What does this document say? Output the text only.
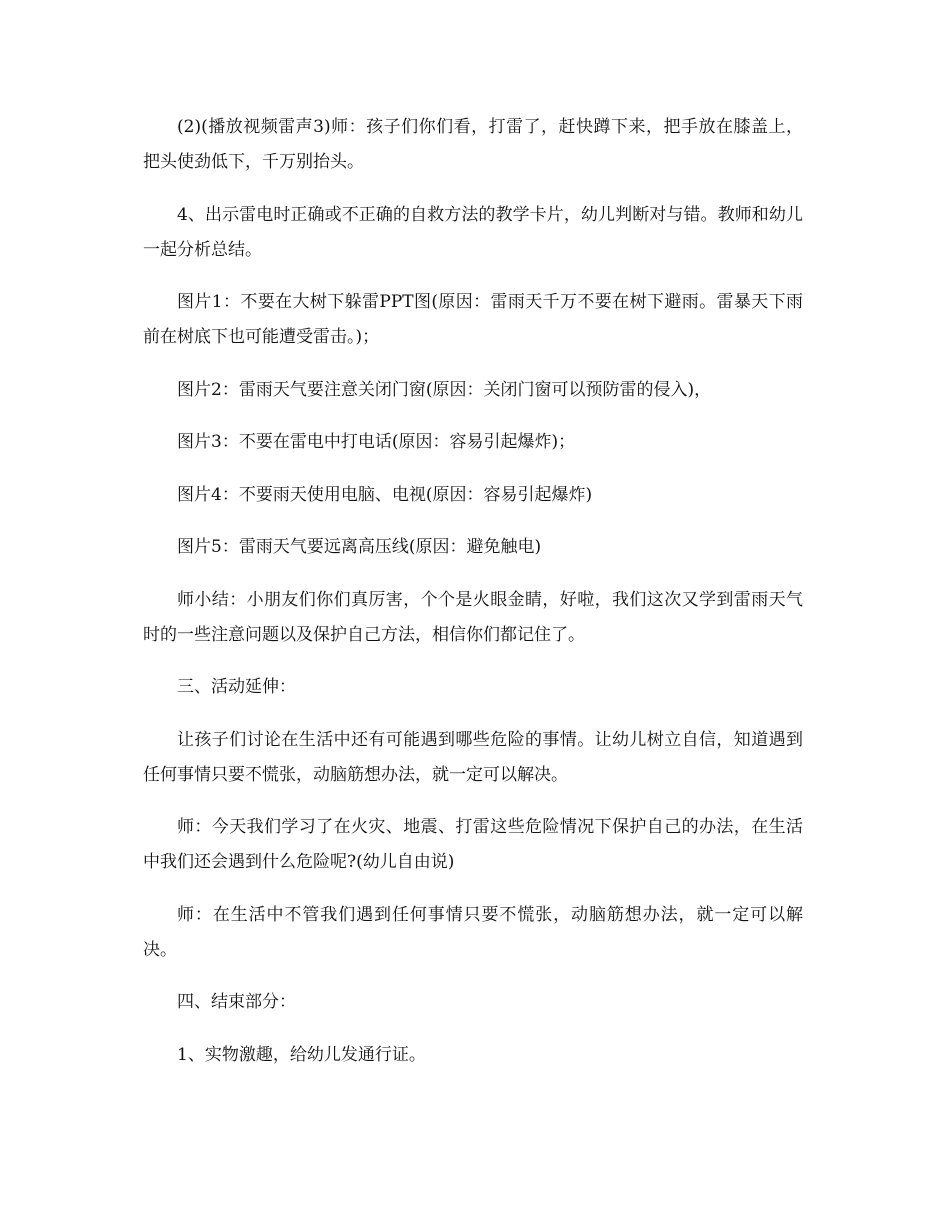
(2)(播放视频雷声3)师：孩子们你们看，打雷了，赶快蹲下来，把手放在膝盖上，把头使劲低下，千万别抬头。

4、出示雷电时正确或不正确的自救方法的教学卡片，幼儿判断对与错。教师和幼儿一起分析总结。

图片1：不要在大树下躲雷PPT图(原因：雷雨天千万不要在树下避雨。雷暴天下雨前在树底下也可能遭受雷击。)；

图片2：雷雨天气要注意关闭门窗(原因：关闭门窗可以预防雷的侵入)，

图片3：不要在雷电中打电话(原因：容易引起爆炸)；

图片4：不要雨天使用电脑、电视(原因：容易引起爆炸)

图片5：雷雨天气要远离高压线(原因：避免触电)

师小结：小朋友们你们真厉害，个个是火眼金睛，好啦，我们这次又学到雷雨天气时的一些注意问题以及保护自己方法，相信你们都记住了。

三、活动延伸：

让孩子们讨论在生活中还有可能遇到哪些危险的事情。让幼儿树立自信，知道遇到任何事情只要不慌张，动脑筋想办法，就一定可以解决。

师：今天我们学习了在火灾、地震、打雷这些危险情况下保护自己的办法，在生活中我们还会遇到什么危险呢?(幼儿自由说)

师：在生活中不管我们遇到任何事情只要不慌张，动脑筋想办法，就一定可以解决。

四、结束部分：

1、实物激趣，给幼儿发通行证。
